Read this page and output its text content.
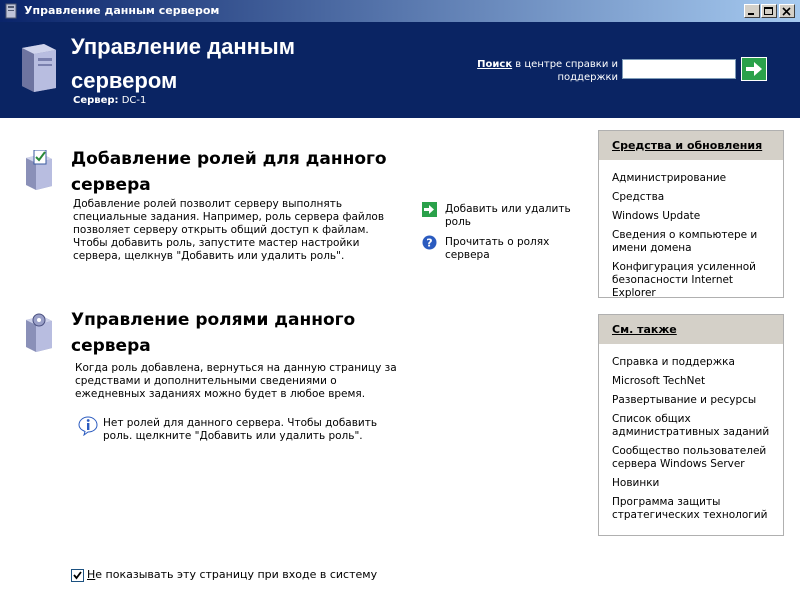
Управление данным сервером
Управление данным сервером
Сервер: DC-1
Поиск в центре справки и поддержки
Добавление ролей для данного сервера
Добавление ролей позволит серверу выполнять специальные задания. Например, роль сервера файлов позволяет серверу открыть общий доступ к файлам. Чтобы добавить роль, запустите мастер настройки сервера, щелкнув "Добавить или удалить роль".
Добавить или удалить роль
? Прочитать о ролях сервера
Управление ролями данного сервера
Когда роль добавлена, вернуться на данную страницу за средствами и дополнительными сведениями о ежедневных заданиях можно будет в любое время.
Нет ролей для данного сервера. Чтобы добавить роль. щелкните "Добавить или удалить роль".
Средства и обновления
Администрирование
Средства
Windows Update
Сведения о компьютере и имени домена
Конфигурация усиленной безопасности Internet Explorer
См. также
Справка и поддержка
Microsoft TechNet
Развертывание и ресурсы
Список общих административных заданий
Сообщество пользователей сервера Windows Server
Новинки
Программа защиты стратегических технологий
Не показывать эту страницу при входе в систему
